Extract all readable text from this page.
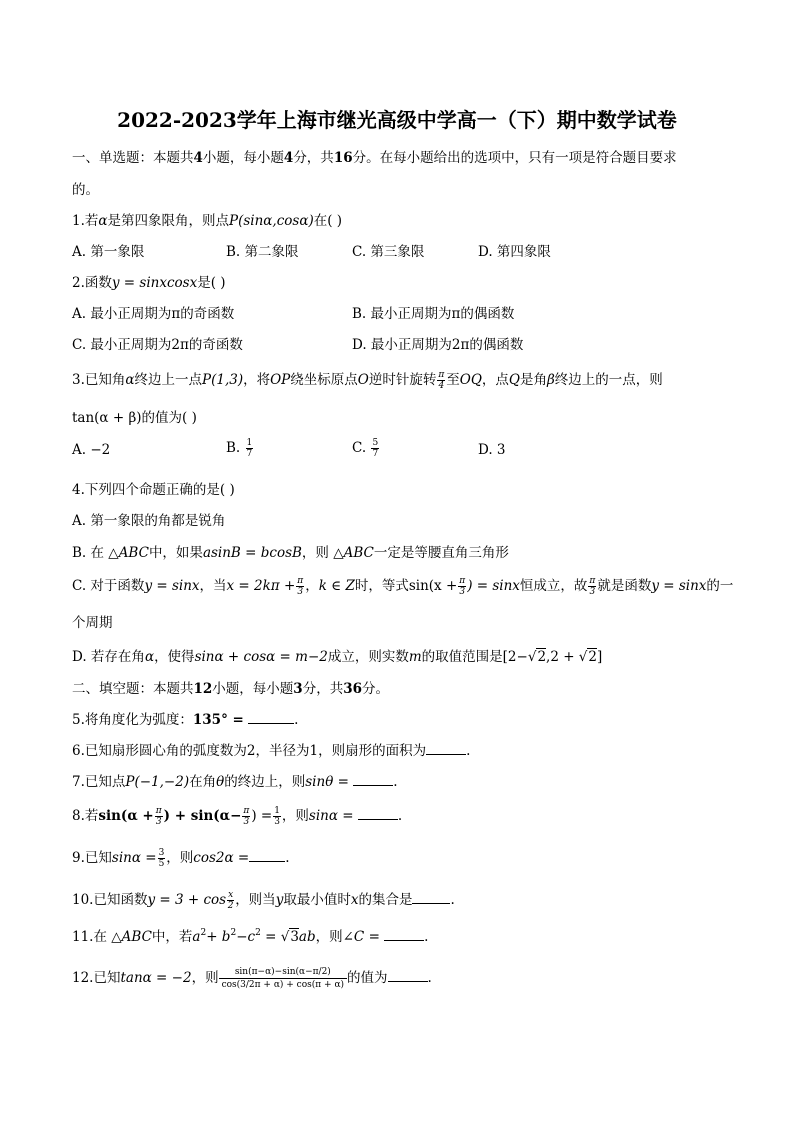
2022-2023学年上海市继光高级中学高一（下）期中数学试卷
一、单选题：本题共4小题，每小题4分，共16分。在每小题给出的选项中，只有一项是符合题目要求
的。
1.若α是第四象限角，则点P(sinα,cosα)在( )
A. 第一象限	B. 第二象限	C. 第三象限	D. 第四象限
2.函数y = sinxcosx是( )
A. 最小正周期为π的奇函数	B. 最小正周期为π的偶函数
C. 最小正周期为2π的奇函数	D. 最小正周期为2π的偶函数
3.已知角α终边上一点P(1,3)，将OP绕坐标原点O逆时针旋转 $\frac{\pi}{4}$ 至OQ，点Q是角β终边上的一点，则
tan(α + β)的值为( )
A. −2	B. $\frac{1}{7}$	C. $\frac{5}{7}$	D. 3
4.下列四个命题正确的是( )
A. 第一象限的角都是锐角
B. 在 △ABC中，如果asinB = bcosB，则 △ABC一定是等腰直角三角形
C. 对于函数y = sinx，当$x = 2k\pi + \frac{\pi}{3}$ ，k ∈ Z时，等式$\sin(x + \frac{\pi}{3}$ ) = sinx恒成立，故 $\frac{\pi}{3}$ 就是函数y = sinx的一
个周期
D. 若存在角α，使得sinα + cosα = m−2成立，则实数m的取值范围是[2−√2,2 + √2]
二、填空题：本题共12小题，每小题3分，共36分。
5.将角度化为弧度：135° =	.
6.已知扇形圆心角的弧度数为2，半径为1，则扇形的面积为	.
7.已知点P(−1,−2)在角θ的终边上，则sinθ =	.
8.若$\sin(\alpha + \frac{\pi}{3}$ ) + $\sin(\alpha- \frac{\pi}{3}$ ) = $\frac{1}{3}$ ，则sinα =	.
9.已知$\sin\alpha = \frac{3}{5}$ ，则cos2α =	.
10.已知函数$y = 3 + \cos \frac{x}{2}$ ，则当y取最小值时x的集合是	.
11.在 △ABC中，若$a^2+ b^2-c^2 = √3ab$，则∠C =	.
12.已知tanα = −2，则 $\frac{\sin(\pi-\alpha)-\sin(\alpha-\pi/2)}{\cos(3/2\pi + \alpha) + \cos(\pi + \alpha)}$ 的值为	.
